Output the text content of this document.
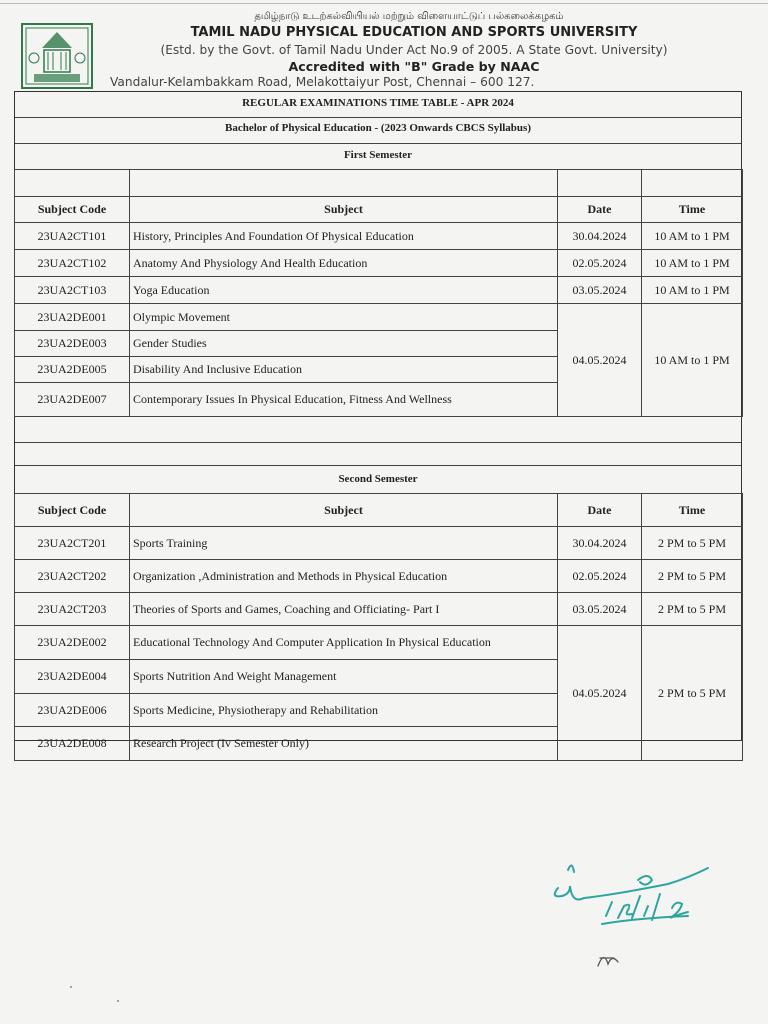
தமிழ்நாடு உடற்கல்வியியல் மற்றும் விளையாட்டுப் பல்கலைக்கழகம்
TAMIL NADU PHYSICAL EDUCATION AND SPORTS UNIVERSITY
(Estd. by the Govt. of Tamil Nadu Under Act No.9 of 2005. A State Govt. University)
Accredited with "B" Grade by NAAC
Vandalur-Kelambakkam Road, Melakottaiyur Post, Chennai – 600 127.
REGULAR EXAMINATIONS TIME TABLE - APR 2024
Bachelor of Physical Education - (2023 Onwards CBCS Syllabus)
First Semester

Subject Code	Subject	Date	Time
23UA2CT101	History, Principles And Foundation Of Physical Education	30.04.2024	10 AM to 1 PM
23UA2CT102	Anatomy And Physiology And Health Education	02.05.2024	10 AM to 1 PM
23UA2CT103	Yoga Education	03.05.2024	10 AM to 1 PM
23UA2DE001	Olympic Movement	04.05.2024	10 AM to 1 PM
23UA2DE003	Gender Studies		
23UA2DE005	Disability And Inclusive Education		
23UA2DE007	Contemporary Issues In Physical Education, Fitness And Wellness		
Second Semester
Subject Code	Subject	Date	Time
23UA2CT201	Sports Training	30.04.2024	2 PM to 5 PM
23UA2CT202	Organization ,Administration and Methods in Physical Education	02.05.2024	2 PM to 5 PM
23UA2CT203	Theories of Sports and Games, Coaching and Officiating- Part I	03.05.2024	2 PM to 5 PM
23UA2DE002	Educational Technology And Computer Application In Physical Education	04.05.2024	2 PM to 5 PM
23UA2DE004	Sports Nutrition And Weight Management		
23UA2DE006	Sports Medicine, Physiotherapy and Rehabilitation		
23UA2DE008	Research Project (Iv Semester Only)		
